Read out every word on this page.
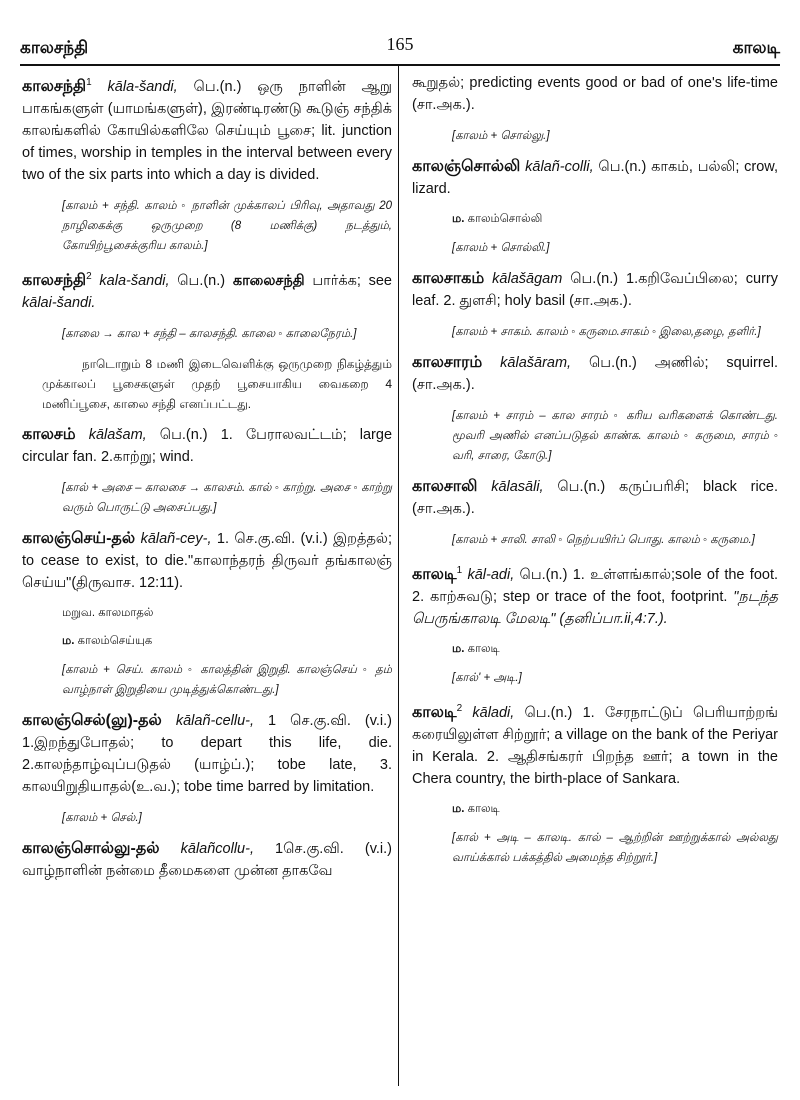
காலசந்தி	165	காலடி

காலசந்தி$^1$ kāla-šandi, பெ.(n.) ஒரு நாளின் ஆறு பாகங்களுள் (யாமங்களுள்), இரண்டிரண்டு கூடுஞ் சந்திக் காலங்களில் கோயில்களிலே செய்யும் பூசை; lit. junction of times, worship in temples in the interval between every two of the six parts into which a day is divided.

[காலம் + சந்தி. காலம் ◦ நாளின் முக்காலப் பிரிவு, அதாவது 20 நாழிகைக்கு ஒருமுறை (8 மணிக்கு) நடத்தும், கோயிற்பூசைக்குரிய காலம்.]

காலசந்தி$^2$ kala-šandi, பெ.(n.) காலைசந்தி பார்க்க; see kālai-šandi.

[காலை → கால + சந்தி – காலசந்தி. காலை ◦ காலைநேரம்.]

நாடொறும் 8 மணி இடைவெளிக்கு ஒருமுறை நிகழ்த்தும் முக்காலப் பூசைகளுள் முதற் பூசையாகிய வைகறை 4 மணிப்பூசை, காலை சந்தி எனப்பட்டது.

காலசம் kālašam, பெ.(n.) 1. பேராலவட்டம்; large circular fan. 2.காற்று; wind.

[கால் + அசை – காலசை → காலசம். கால் ◦ காற்று. அசை ◦ காற்று வரும் பொருட்டு அசைப்பது.]

காலஞ்செய்-தல் kālañ-cey-, 1. செ.கு.வி. (v.i.) இறத்தல்; to cease to exist, to die."காலாந்தரந் திருவர் தங்காலஞ் செய்ய"(திருவாச. 12:11).

மறுவ. காலமாதல்
ம. காலம்செய்யுக

[காலம் + செய். காலம் ◦ காலத்தின் இறுதி. காலஞ்செய் ◦ தம் வாழ்நாள் இறுதியை முடித்துக்கொண்டது.]

காலஞ்செல்(லு)-தல் kālañ-cellu-, 1 செ.கு.வி. (v.i.) 1.இறந்துபோதல்; to depart this life, die. 2.காலந்தாழ்வுப்படுதல் (யாழ்ப்.); tobe late, 3. காலயிறுதியாதல்(உ.வ.); tobe time barred by limitation.

[காலம் + செல்.]

காலஞ்சொல்லு-தல் kālañcollu-, 1செ.கு.வி. (v.i.) வாழ்நாளின் நன்மை தீமைகளை முன்ன தாகவே

கூறுதல்; predicting events good or bad of one's life-time (சா.அக.).

[காலம் + சொல்லு.]

காலஞ்சொல்லி kālañ-colli, பெ.(n.) காகம், பல்லி; crow, lizard.

ம. காலம்சொல்லி

[காலம் + சொல்லி.]

காலசாகம் kālašāgam பெ.(n.) 1.கறிவேப்பிலை; curry leaf. 2. துளசி; holy basil (சா.அக.).

[காலம் + சாகம். காலம் ◦ கருமை.சாகம் ◦ இலை,தழை, தளிர்.]

காலசாரம் kālašāram, பெ.(n.) அணில்; squirrel. (சா.அக.).

[காலம் + சாரம் – கால சாரம் ◦ கரிய வரிகளைக் கொண்டது. மூவரி அணில் எனப்படுதல் காண்க. காலம் ◦ கருமை, சாரம் ◦ வரி, சாரை, கோடு.]

காலசாலி kālasāli, பெ.(n.) கருப்பரிசி; black rice.(சா.அக.).

[காலம் + சாலி. சாலி ◦ நெற்பயிர்ப் பொது. காலம் ◦ கருமை.]

காலடி$^1$ kāl-adi, பெ.(n.) 1. உள்ளங்கால்;sole of the foot. 2. காற்சுவடு; step or trace of the foot, footprint. "நடந்த பெருங்காலடி மேலடி" (தனிப்பா.ii,4:7.).

ம. காலடி

[கால்' + அடி.]

காலடி$^2$ kāladi, பெ.(n.) 1. சேரநாட்டுப் பெரியாற்றங் கரையிலுள்ள சிற்றூர்; a village on the bank of the Periyar in Kerala. 2. ஆதிசங்கரர் பிறந்த ஊர்; a town in the Chera country, the birth-place of Sankara.

ம. காலடி

[கால் + அடி – காலடி. கால் – ஆற்றின் ஊற்றுக்கால் அல்லது வாய்க்கால் பக்கத்தில் அமைந்த சிற்றூர்.]
